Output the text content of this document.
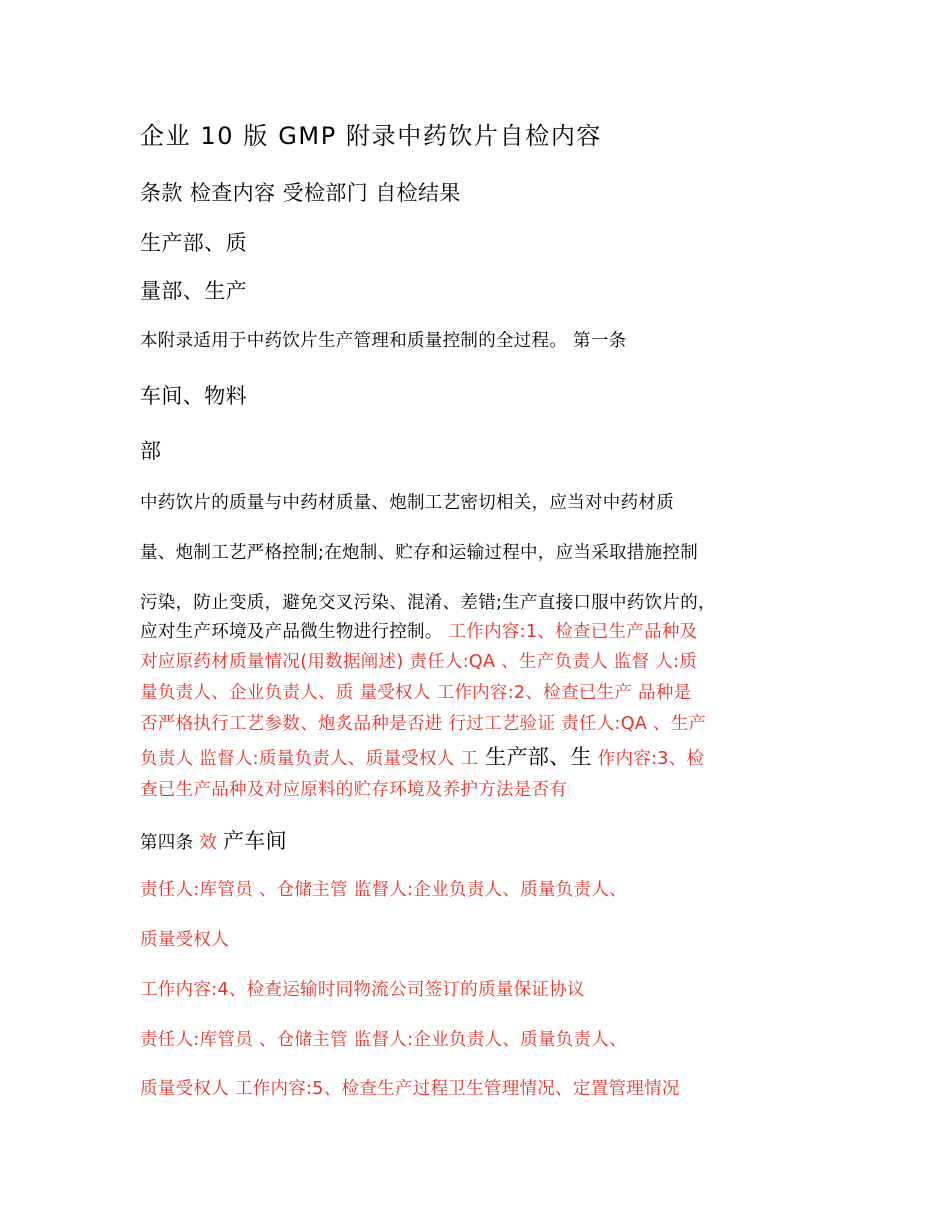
企业 10 版 GMP 附录中药饮片自检内容
条款 检查内容 受检部门 自检结果
生产部、质
量部、生产
本附录适用于中药饮片生产管理和质量控制的全过程。 第一条
车间、物料
部
中药饮片的质量与中药材质量、炮制工艺密切相关，应当对中药材质
量、炮制工艺严格控制;在炮制、贮存和运输过程中，应当采取措施控制
污染，防止变质，避免交叉污染、混淆、差错;生产直接口服中药饮片的，
应对生产环境及产品微生物进行控制。 工作内容:1、检查已生产品种及
对应原药材质量情况(用数据阐述) 责任人:QA 、生产负责人 监督 人:质
量负责人、企业负责人、质 量受权人 工作内容:2、检查已生产 品种是
否严格执行工艺参数、炮炙品种是否进 行过工艺验证 责任人:QA 、生产
负责人 监督人:质量负责人、质量受权人 工 生产部、生 作内容:3、检
查已生产品种及对应原料的贮存环境及养护方法是否有
第四条 效 产车间
责任人:库管员 、仓储主管 监督人:企业负责人、质量负责人、
质量受权人
工作内容:4、检查运输时同物流公司签订的质量保证协议
责任人:库管员 、仓储主管 监督人:企业负责人、质量负责人、
质量受权人 工作内容:5、检查生产过程卫生管理情况、定置管理情况
